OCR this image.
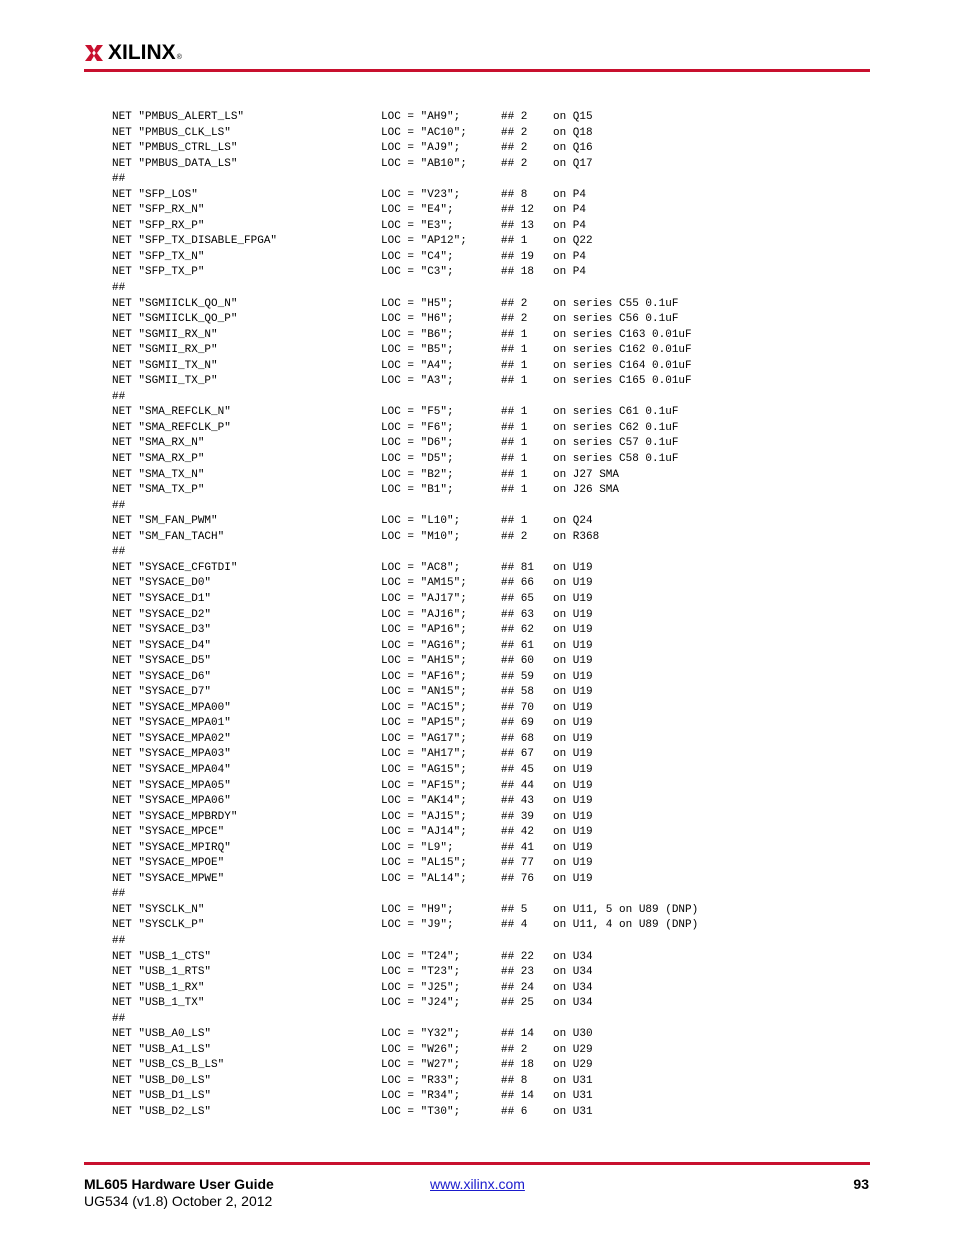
XILINX ®
NET "PMBUS_ALERT_LS"	LOC = "AH9";	## 2 on Q15
NET "PMBUS_CLK_LS"	LOC = "AC10";	## 2 on Q18
NET "PMBUS_CTRL_LS"	LOC = "AJ9";	## 2 on Q16
NET "PMBUS_DATA_LS"	LOC = "AB10";	## 2 on Q17
##
NET "SFP_LOS"	LOC = "V23";	## 8 on P4
NET "SFP_RX_N"	LOC = "E4";	## 12 on P4
NET "SFP_RX_P"	LOC = "E3";	## 13 on P4
NET "SFP_TX_DISABLE_FPGA"	LOC = "AP12";	## 1 on Q22
NET "SFP_TX_N"	LOC = "C4";	## 19 on P4
NET "SFP_TX_P"	LOC = "C3";	## 18 on P4
##
NET "SGMIICLK_QO_N"	LOC = "H5";	## 2 on series C55 0.1uF
NET "SGMIICLK_QO_P"	LOC = "H6";	## 2 on series C56 0.1uF
NET "SGMII_RX_N"	LOC = "B6";	## 1 on series C163 0.01uF
NET "SGMII_RX_P"	LOC = "B5";	## 1 on series C162 0.01uF
NET "SGMII_TX_N"	LOC = "A4";	## 1 on series C164 0.01uF
NET "SGMII_TX_P"	LOC = "A3";	## 1 on series C165 0.01uF
##
NET "SMA_REFCLK_N"	LOC = "F5";	## 1 on series C61 0.1uF
NET "SMA_REFCLK_P"	LOC = "F6";	## 1 on series C62 0.1uF
NET "SMA_RX_N"	LOC = "D6";	## 1 on series C57 0.1uF
NET "SMA_RX_P"	LOC = "D5";	## 1 on series C58 0.1uF
NET "SMA_TX_N"	LOC = "B2";	## 1 on J27 SMA
NET "SMA_TX_P"	LOC = "B1";	## 1 on J26 SMA
##
NET "SM_FAN_PWM"	LOC = "L10";	## 1 on Q24
NET "SM_FAN_TACH"	LOC = "M10";	## 2 on R368
##
NET "SYSACE_CFGTDI"	LOC = "AC8";	## 81 on U19
NET "SYSACE_D0"	LOC = "AM15";	## 66 on U19
NET "SYSACE_D1"	LOC = "AJ17";	## 65 on U19
NET "SYSACE_D2"	LOC = "AJ16";	## 63 on U19
NET "SYSACE_D3"	LOC = "AP16";	## 62 on U19
NET "SYSACE_D4"	LOC = "AG16";	## 61 on U19
NET "SYSACE_D5"	LOC = "AH15";	## 60 on U19
NET "SYSACE_D6"	LOC = "AF16";	## 59 on U19
NET "SYSACE_D7"	LOC = "AN15";	## 58 on U19
NET "SYSACE_MPA00"	LOC = "AC15";	## 70 on U19
NET "SYSACE_MPA01"	LOC = "AP15";	## 69 on U19
NET "SYSACE_MPA02"	LOC = "AG17";	## 68 on U19
NET "SYSACE_MPA03"	LOC = "AH17";	## 67 on U19
NET "SYSACE_MPA04"	LOC = "AG15";	## 45 on U19
NET "SYSACE_MPA05"	LOC = "AF15";	## 44 on U19
NET "SYSACE_MPA06"	LOC = "AK14";	## 43 on U19
NET "SYSACE_MPBRDY"	LOC = "AJ15";	## 39 on U19
NET "SYSACE_MPCE"	LOC = "AJ14";	## 42 on U19
NET "SYSACE_MPIRQ"	LOC = "L9";	## 41 on U19
NET "SYSACE_MPOE"	LOC = "AL15";	## 77 on U19
NET "SYSACE_MPWE"	LOC = "AL14";	## 76 on U19
##
NET "SYSCLK_N"	LOC = "H9";	## 5 on U11, 5 on U89 (DNP)
NET "SYSCLK_P"	LOC = "J9";	## 4 on U11, 4 on U89 (DNP)
##
NET "USB_1_CTS"	LOC = "T24";	## 22 on U34
NET "USB_1_RTS"	LOC = "T23";	## 23 on U34
NET "USB_1_RX"	LOC = "J25";	## 24 on U34
NET "USB_1_TX"	LOC = "J24";	## 25 on U34
##
NET "USB_A0_LS"	LOC = "Y32";	## 14 on U30
NET "USB_A1_LS"	LOC = "W26";	## 2 on U29
NET "USB_CS_B_LS"	LOC = "W27";	## 18 on U29
NET "USB_D0_LS"	LOC = "R33";	## 8 on U31
NET "USB_D1_LS"	LOC = "R34";	## 14 on U31
NET "USB_D2_LS"	LOC = "T30";	## 6 on U31
ML605 Hardware User Guide
UG534 (v1.8) October 2, 2012
www.xilinx.com	93
